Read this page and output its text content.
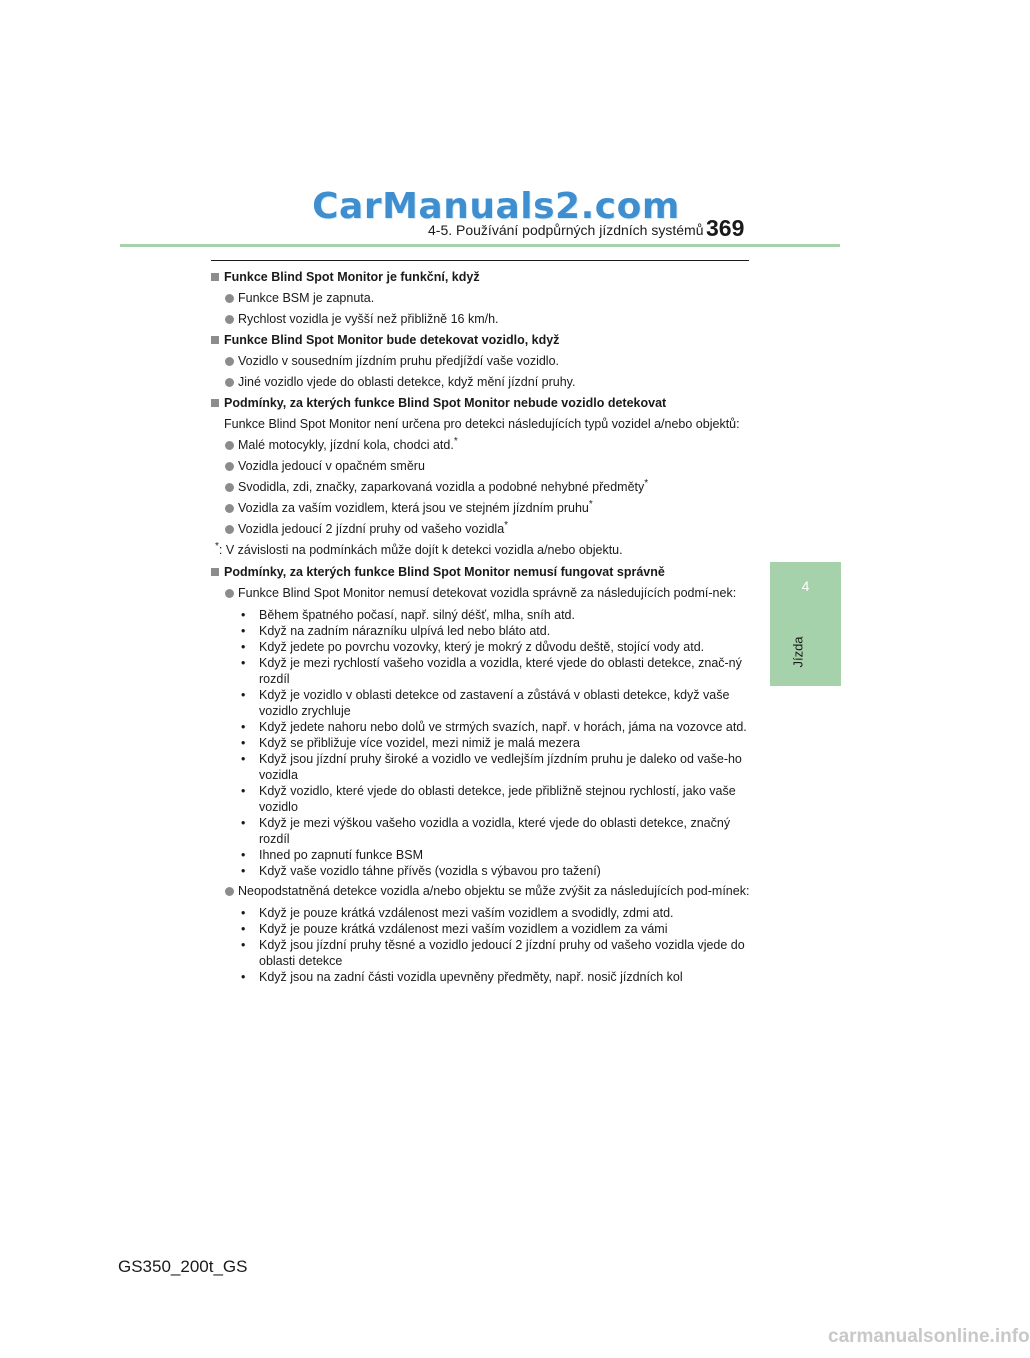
CarManuals2.com
4-5. Používání podpůrných jízdních systémů 369
4
Jízda
Funkce Blind Spot Monitor je funkční, když
Funkce BSM je zapnuta.
Rychlost vozidla je vyšší než přibližně 16 km/h.
Funkce Blind Spot Monitor bude detekovat vozidlo, když
Vozidlo v sousedním jízdním pruhu předjíždí vaše vozidlo.
Jiné vozidlo vjede do oblasti detekce, když mění jízdní pruhy.
Podmínky, za kterých funkce Blind Spot Monitor nebude vozidlo detekovat
Funkce Blind Spot Monitor není určena pro detekci následujících typů vozidel a/nebo objektů:
Malé motocykly, jízdní kola, chodci atd.*
Vozidla jedoucí v opačném směru
Svodidla, zdi, značky, zaparkovaná vozidla a podobné nehybné předměty*
Vozidla za vaším vozidlem, která jsou ve stejném jízdním pruhu*
Vozidla jedoucí 2 jízdní pruhy od vašeho vozidla*
*: V závislosti na podmínkách může dojít k detekci vozidla a/nebo objektu.
Podmínky, za kterých funkce Blind Spot Monitor nemusí fungovat správně
Funkce Blind Spot Monitor nemusí detekovat vozidla správně za následujících podmí-nek:
• Během špatného počasí, např. silný déšť, mlha, sníh atd.
• Když na zadním nárazníku ulpívá led nebo bláto atd.
• Když jedete po povrchu vozovky, který je mokrý z důvodu deště, stojící vody atd.
• Když je mezi rychlostí vašeho vozidla a vozidla, které vjede do oblasti detekce, znač-ný rozdíl
• Když je vozidlo v oblasti detekce od zastavení a zůstává v oblasti detekce, když vaše vozidlo zrychluje
• Když jedete nahoru nebo dolů ve strmých svazích, např. v horách, jáma na vozovce atd.
• Když se přibližuje více vozidel, mezi nimiž je malá mezera
• Když jsou jízdní pruhy široké a vozidlo ve vedlejším jízdním pruhu je daleko od vaše-ho vozidla
• Když vozidlo, které vjede do oblasti detekce, jede přibližně stejnou rychlostí, jako vaše vozidlo
• Když je mezi výškou vašeho vozidla a vozidla, které vjede do oblasti detekce, značný rozdíl
• Ihned po zapnutí funkce BSM
• Když vaše vozidlo táhne přívěs (vozidla s výbavou pro tažení)
Neopodstatněná detekce vozidla a/nebo objektu se může zvýšit za následujících pod-mínek:
• Když je pouze krátká vzdálenost mezi vaším vozidlem a svodidly, zdmi atd.
• Když je pouze krátká vzdálenost mezi vaším vozidlem a vozidlem za vámi
• Když jsou jízdní pruhy těsné a vozidlo jedoucí 2 jízdní pruhy od vašeho vozidla vjede do oblasti detekce
• Když jsou na zadní části vozidla upevněny předměty, např. nosič jízdních kol
GS350_200t_GS
carmanualsonline.info
